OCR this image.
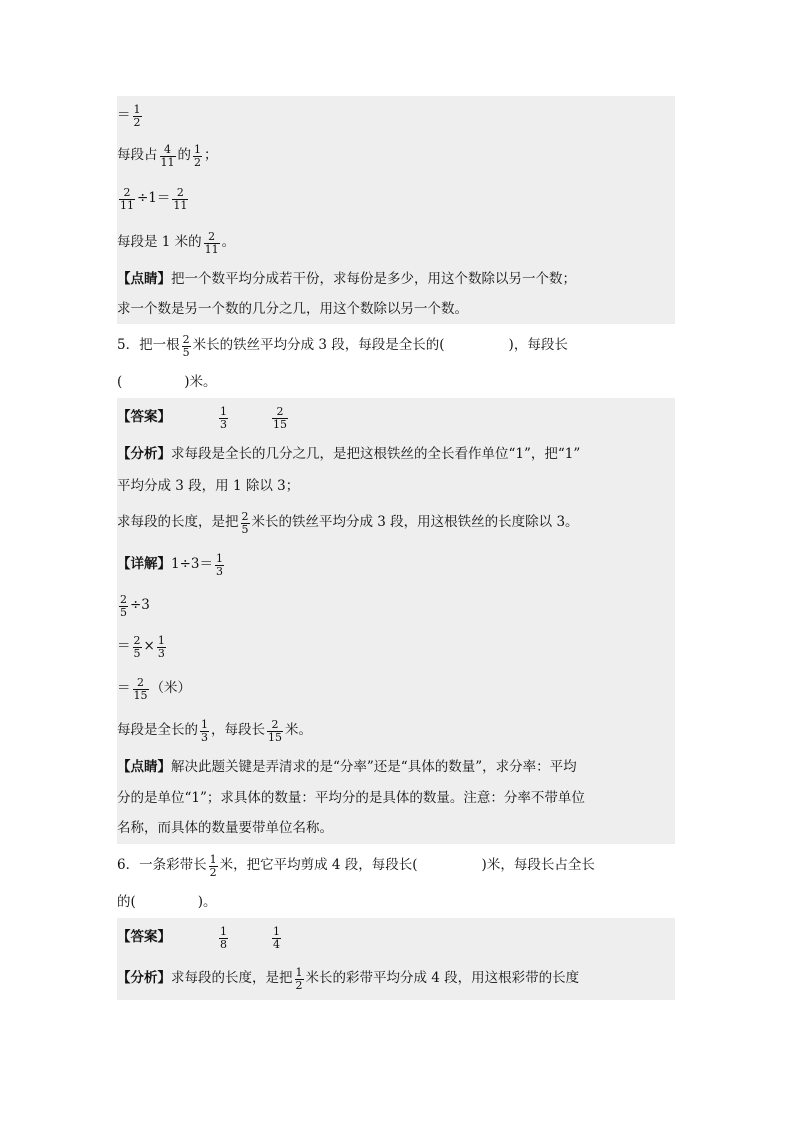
＝ $\frac{1}{2}$
每段占 $\frac{4}{11}$ 的 $\frac{1}{2}$ ；
$\frac{2}{11} \div 1= \frac{2}{11}$
每段是 1 米的 $\frac{2}{11}$ 。
【点睛】 把一个数平均分成若干份，求每份是多少，用这个数除以另一个数；
求一个数是另一个数的几分之几，用这个数除以另一个数。
5．把一根 $\frac{2}{5}$ 米长的铁丝平均分成 3 段，每段是全长的(	)，每段长
(	)米。
【答案】	$\frac{1}{3}$	$\frac{2}{15}$
【分析】 求每段是全长的几分之几，是把这根铁丝的全长看作单位“1”，把“1”
平均分成 3 段，用 1 除以 3；
求每段的长度，是把 $\frac{2}{5}$ 米长的铁丝平均分成 3 段，用这根铁丝的长度除以 3。
【详解】 $1\div 3= \frac{1}{3}$
$\frac{2}{5} \div 3$
＝ $\frac{2}{5} \times \frac{1}{3}$
＝ $\frac{2}{15}$ （米）
每段是全长的 $\frac{1}{3}$ ，每段长 $\frac{2}{15}$ 米。
【点睛】 解决此题关键是弄清求的是“分率”还是“具体的数量”，求分率：平均
分的是单位“1”；求具体的数量：平均分的是具体的数量。注意：分率不带单位
名称，而具体的数量要带单位名称。
6．一条彩带长 $\frac{1}{2}$ 米，把它平均剪成 4 段，每段长(	)米，每段长占全长
的(	)。
【答案】	$\frac{1}{8}$	$\frac{1}{4}$
【分析】 求每段的长度，是把 $\frac{1}{2}$ 米长的彩带平均分成 4 段，用这根彩带的长度
